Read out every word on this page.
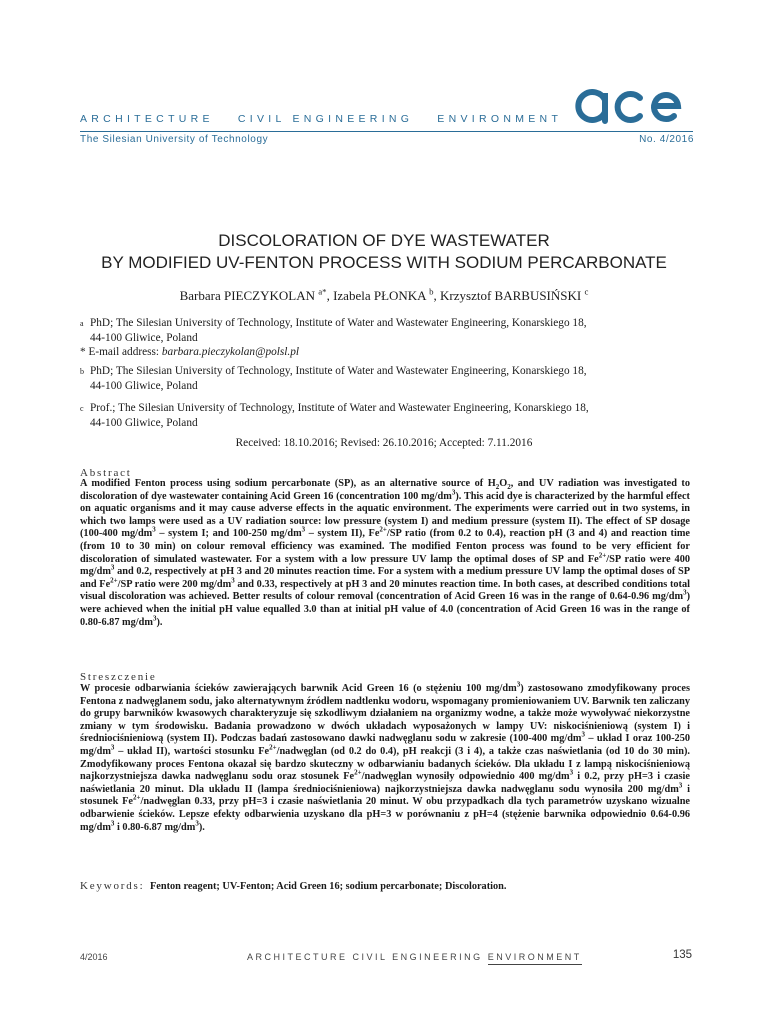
ARCHITECTURE CIVIL ENGINEERING ENVIRONMENT
The Silesian University of Technology	No. 4/2016
DISCOLORATION OF DYE WASTEWATER
BY MODIFIED UV-FENTON PROCESS WITH SODIUM PERCARBONATE
Barbara PIECZYKOLAN $^{a*}$, Izabela PŁONKA $^b$, Krzysztof BARBUSIŃSKI $^c$
a PhD; The Silesian University of Technology, Institute of Water and Wastewater Engineering, Konarskiego 18,
44-100 Gliwice, Poland
* E-mail address: barbara.pieczykolan@polsl.pl
b PhD; The Silesian University of Technology, Institute of Water and Wastewater Engineering, Konarskiego 18,
44-100 Gliwice, Poland
c Prof.; The Silesian University of Technology, Institute of Water and Wastewater Engineering, Konarskiego 18,
44-100 Gliwice, Poland
Received: 18.10.2016; Revised: 26.10.2016; Accepted: 7.11.2016
Abstract
A modified Fenton process using sodium percarbonate (SP), as an alternative source of $H_2O_2$, and UV radiation was investigated to discoloration of dye wastewater containing Acid Green 16 (concentration 100 $mg/dm^3$). This acid dye is characterized by the harmful effect on aquatic organisms and it may cause adverse effects in the aquatic environment. The experiments were carried out in two systems, in which two lamps were used as a UV radiation source: low pressure (system I) and medium pressure (system II). The effect of SP dosage (100-400 $mg/dm^3$ – system I; and 100-250 $mg/dm^3$ – system II), $Fe^{2+}/SP$ ratio (from 0.2 to 0.4), reaction pH (3 and 4) and reaction time (from 10 to 30 min) on colour removal efficiency was examined. The modified Fenton process was found to be very efficient for discoloration of simulated wastewater. For a system with a low pressure UV lamp the optimal doses of SP and $Fe^{2+}/SP$ ratio were 400 $mg/dm^3$ and 0.2, respectively at pH 3 and 20 minutes reaction time. For a system with a medium pressure UV lamp the optimal doses of SP and $Fe^{2+}/SP$ ratio were 200 $mg/dm^3$ and 0.33, respectively at pH 3 and 20 minutes reaction time. In both cases, at described conditions total visual discoloration was achieved. Better results of colour removal (concentration of Acid Green 16 was in the range of 0.64-0.96 $mg/dm^3$) were achieved when the initial pH value equalled 3.0 than at initial pH value of 4.0 (concentration of Acid Green 16 was in the range of 0.80-6.87 $mg/dm^3$).
Streszczenie
W procesie odbarwiania ścieków zawierających barwnik Acid Green 16 (o stężeniu 100 $mg/dm^3$) zastosowano zmodyfikowany proces Fentona z nadwęglanem sodu, jako alternatywnym źródłem nadtlenku wodoru, wspomagany promieniowaniem UV. Barwnik ten zaliczany do grupy barwników kwasowych charakteryzuje się szkodliwym działaniem na organizmy wodne, a także może wywoływać niekorzystne zmiany w tym środowisku. Badania prowadzono w dwóch układach wyposażonych w lampy UV: niskociśnieniową (system I) i średniociśnieniową (system II). Podczas badań zastosowano dawki nadwęglanu sodu w zakresie (100-400 $mg/dm^3$ – układ I oraz 100-250 $mg/dm^3$ – układ II), wartości stosunku $Fe^{2+}$/nadwęglan (od 0.2 do 0.4), pH reakcji (3 i 4), a także czas naświetlania (od 10 do 30 min). Zmodyfikowany proces Fentona okazał się bardzo skuteczny w odbarwianiu badanych ścieków. Dla układu I z lampą niskociśnieniową najkorzystniejsza dawka nadwęglanu sodu oraz stosunek $Fe^{2+}$/nadwęglan wynosiły odpowiednio 400 $mg/dm^3$ i 0.2, przy pH=3 i czasie naświetlania 20 minut. Dla układu II (lampa średniociśnieniowa) najkorzystniejsza dawka nadwęglanu sodu wynosiła 200 $mg/dm^3$ i stosunek $Fe^{2+}$/nadwęglan 0.33, przy pH=3 i czasie naświetlania 20 minut. W obu przypadkach dla tych parametrów uzyskano wizualne odbarwienie ścieków. Lepsze efekty odbarwienia uzyskano dla pH=3 w porównaniu z pH=4 (stężenie barwnika odpowiednio 0.64-0.96 $mg/dm^3$ i 0.80-6.87 $mg/dm^3$).
Keywords: Fenton reagent; UV-Fenton; Acid Green 16; sodium percarbonate; Discoloration.
4/2016	ARCHITECTURE CIVIL ENGINEERING ENVIRONMENT	135
